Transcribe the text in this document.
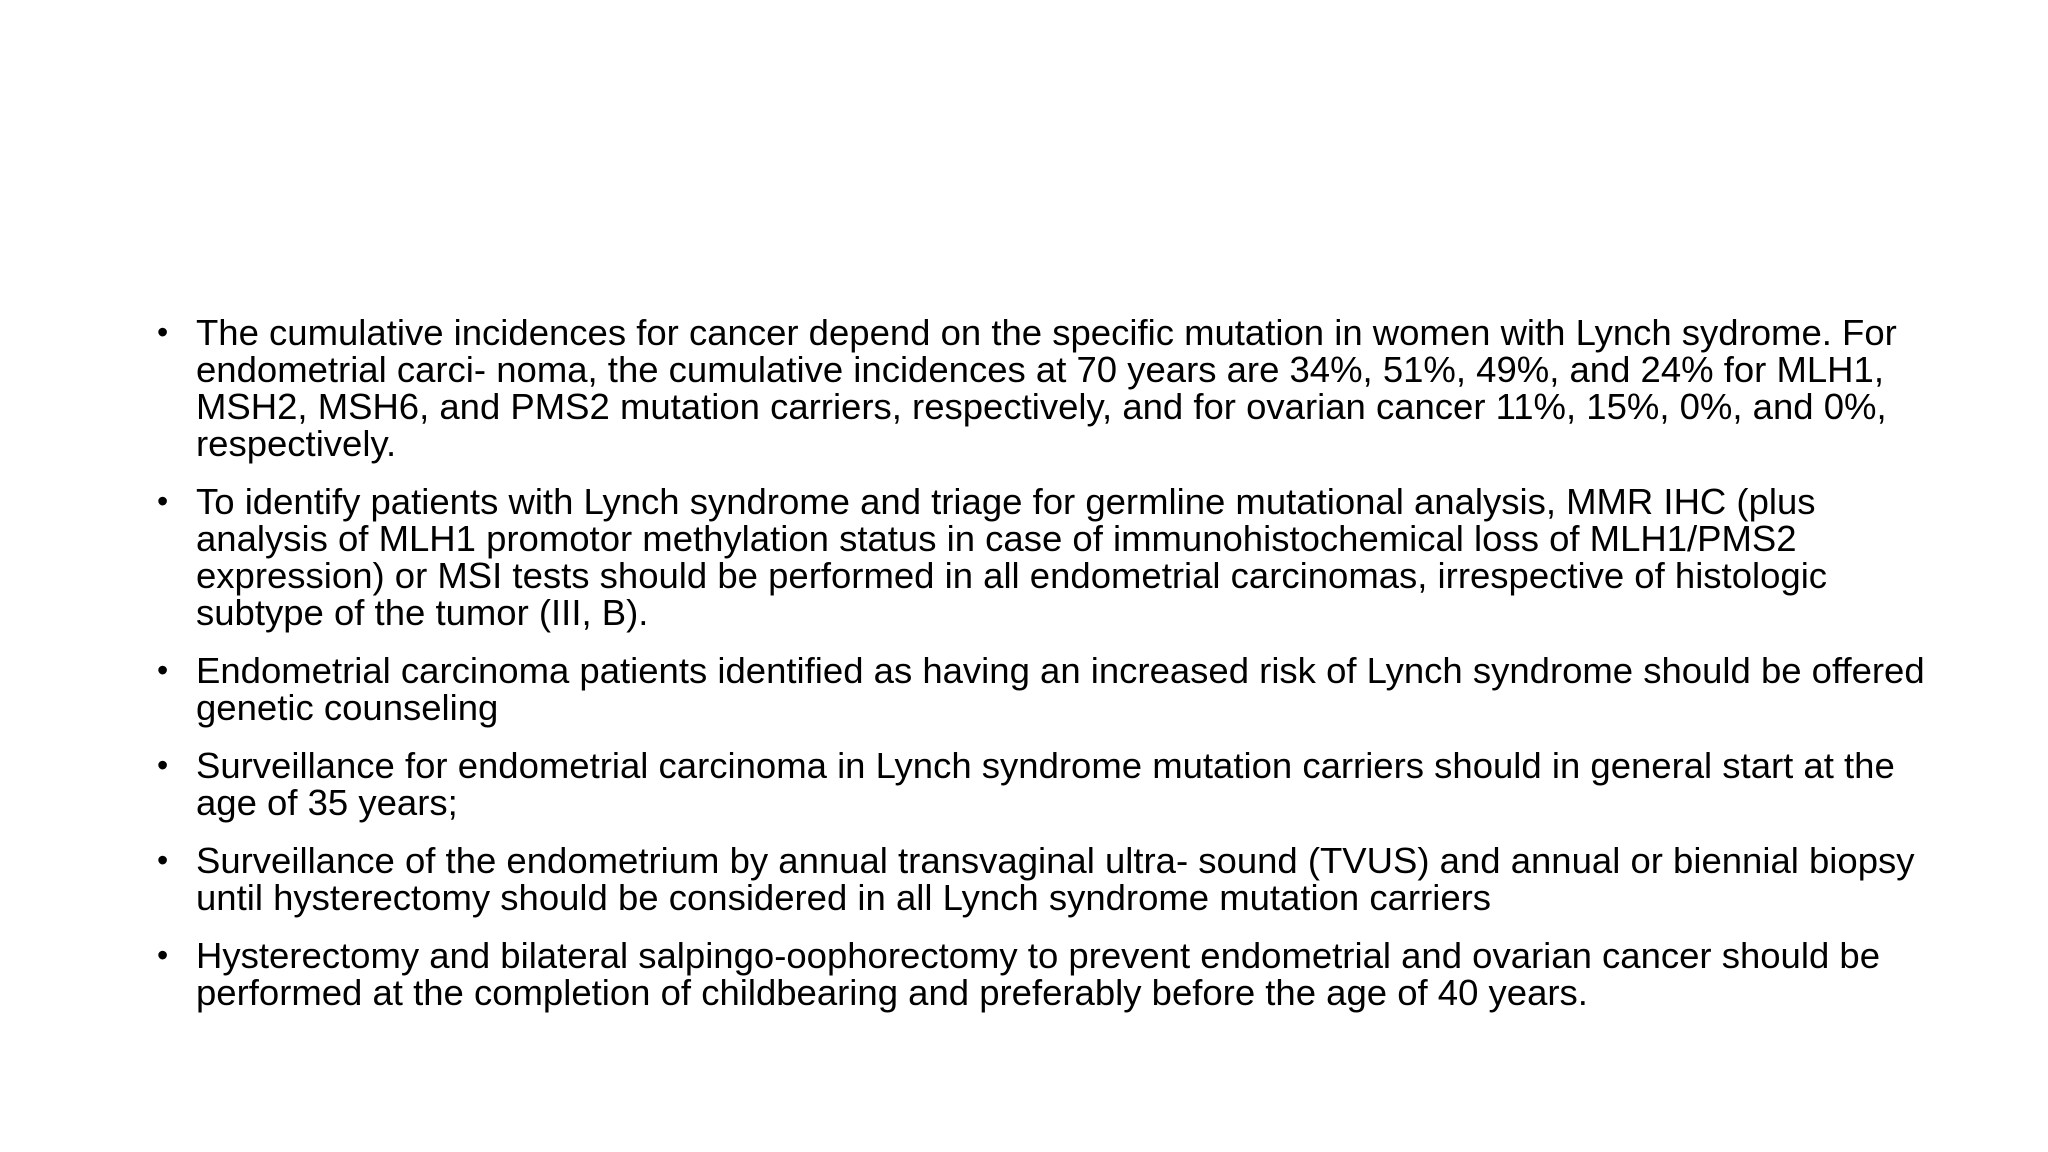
• The cumulative incidences for cancer depend on the specific mutation in women with Lynch sydrome. For endometrial carci- noma, the cumulative incidences at 70 years are 34%, 51%, 49%, and 24% for MLH1, MSH2, MSH6, and PMS2 mutation carriers, respectively, and for ovarian cancer 11%, 15%, 0%, and 0%, respectively.
• To identify patients with Lynch syndrome and triage for germline mutational analysis, MMR IHC (plus analysis of MLH1 promotor methylation status in case of immunohistochemical loss of MLH1/PMS2 expression) or MSI tests should be performed in all endometrial carcinomas, irrespective of histologic subtype of the tumor (III, B).
• Endometrial carcinoma patients identified as having an increased risk of Lynch syndrome should be offered genetic counseling
• Surveillance for endometrial carcinoma in Lynch syndrome mutation carriers should in general start at the age of 35 years;
• Surveillance of the endometrium by annual transvaginal ultra- sound (TVUS) and annual or biennial biopsy until hysterectomy should be considered in all Lynch syndrome mutation carriers
• Hysterectomy and bilateral salpingo-oophorectomy to prevent endometrial and ovarian cancer should be performed at the completion of childbearing and preferably before the age of 40 years.
